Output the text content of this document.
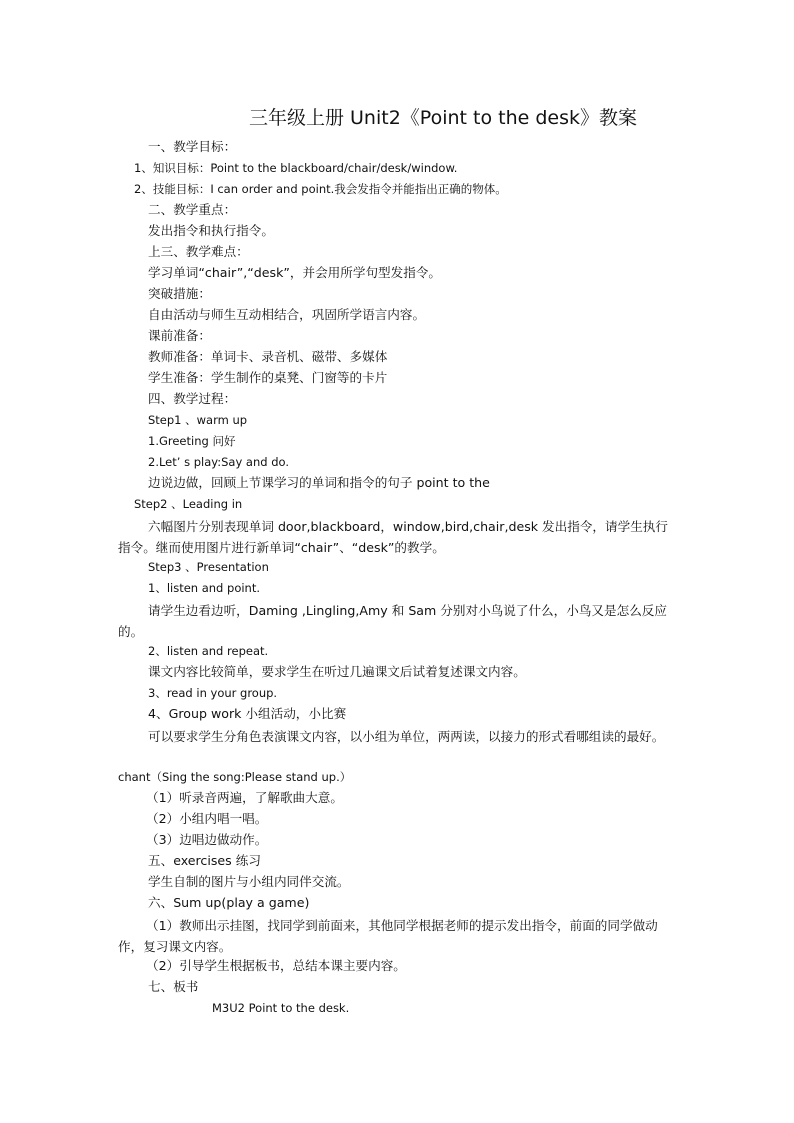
三年级上册 Unit2《Point to the desk》教案
一、教学目标：
1、知识目标：Point to the blackboard/chair/desk/window.
2、技能目标：I can order and point.我会发指令并能指出正确的物体。
二、教学重点：
发出指令和执行指令。
上三、教学难点：
学习单词“chair”,“desk”，并会用所学句型发指令。
突破措施：
自由活动与师生互动相结合，巩固所学语言内容。
课前准备：
教师准备：单词卡、录音机、磁带、多媒体
学生准备：学生制作的桌凳、门窗等的卡片
四、教学过程：
Step1 、warm up
1.Greeting 问好
2.Let’ s play:Say and do.
边说边做，回顾上节课学习的单词和指令的句子 point to the
Step2 、Leading in
六幅图片分别表现单词 door,blackboard，window,bird,chair,desk 发出指令，请学生执行指令。继而使用图片进行新单词“chair”、“desk”的教学。
Step3 、Presentation
1、listen and point.
请学生边看边听，Daming ,Lingling,Amy 和 Sam 分别对小鸟说了什么，小鸟又是怎么反应的。
2、listen and repeat.
课文内容比较简单，要求学生在听过几遍课文后试着复述课文内容。
3、read in your group.
4、Group work 小组活动，小比赛
可以要求学生分角色表演课文内容，以小组为单位，两两读，以接力的形式看哪组读的最好。
chant（Sing the song:Please stand up.）
（1）听录音两遍，了解歌曲大意。
（2）小组内唱一唱。
（3）边唱边做动作。
五、exercises 练习
学生自制的图片与小组内同伴交流。
六、Sum up(play a game)
（1）教师出示挂图，找同学到前面来，其他同学根据老师的提示发出指令，前面的同学做动作，复习课文内容。
（2）引导学生根据板书，总结本课主要内容。
七、板书
M3U2 Point to the desk.
